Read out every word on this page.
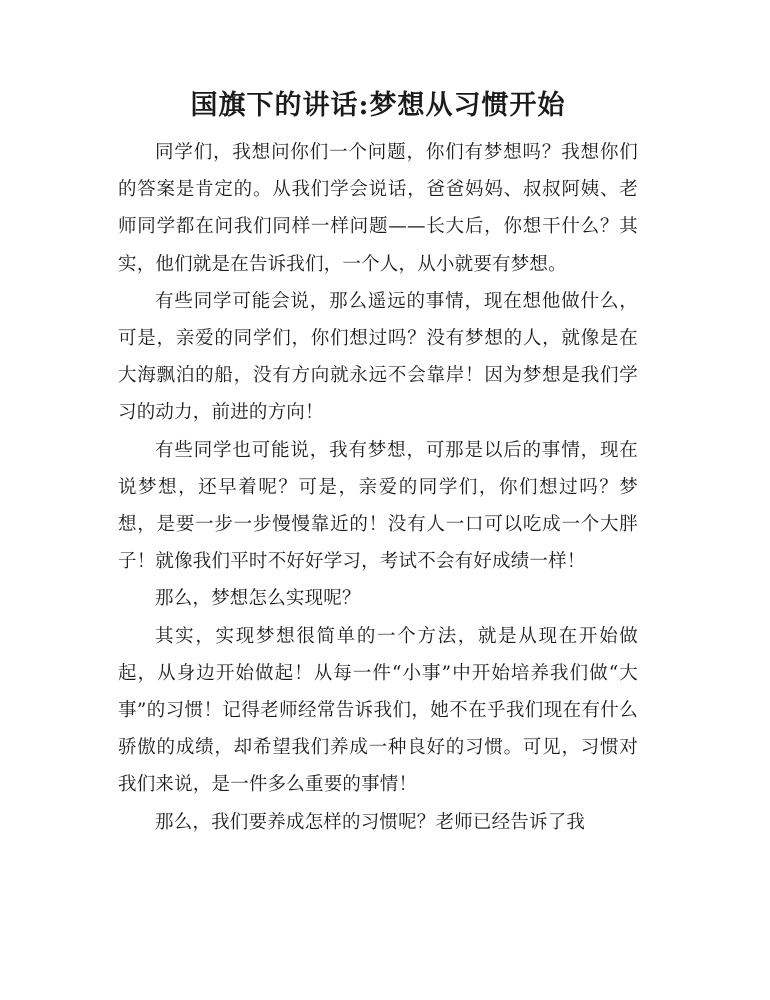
国旗下的讲话:梦想从习惯开始

同学们，我想问你们一个问题，你们有梦想吗？我想你们的答案是肯定的。从我们学会说话，爸爸妈妈、叔叔阿姨、老师同学都在问我们同样一样问题——长大后，你想干什么？其实，他们就是在告诉我们，一个人，从小就要有梦想。

有些同学可能会说，那么遥远的事情，现在想他做什么，可是，亲爱的同学们，你们想过吗？没有梦想的人，就像是在大海飘泊的船，没有方向就永远不会靠岸！因为梦想是我们学习的动力，前进的方向！

有些同学也可能说，我有梦想，可那是以后的事情，现在说梦想，还早着呢？可是，亲爱的同学们，你们想过吗？梦想，是要一步一步慢慢靠近的！没有人一口可以吃成一个大胖子！就像我们平时不好好学习，考试不会有好成绩一样！

那么，梦想怎么实现呢？

其实，实现梦想很简单的一个方法，就是从现在开始做起，从身边开始做起！从每一件“小事”中开始培养我们做“大事”的习惯！记得老师经常告诉我们，她不在乎我们现在有什么骄傲的成绩，却希望我们养成一种良好的习惯。可见，习惯对我们来说，是一件多么重要的事情！

那么，我们要养成怎样的习惯呢？老师已经告诉了我
